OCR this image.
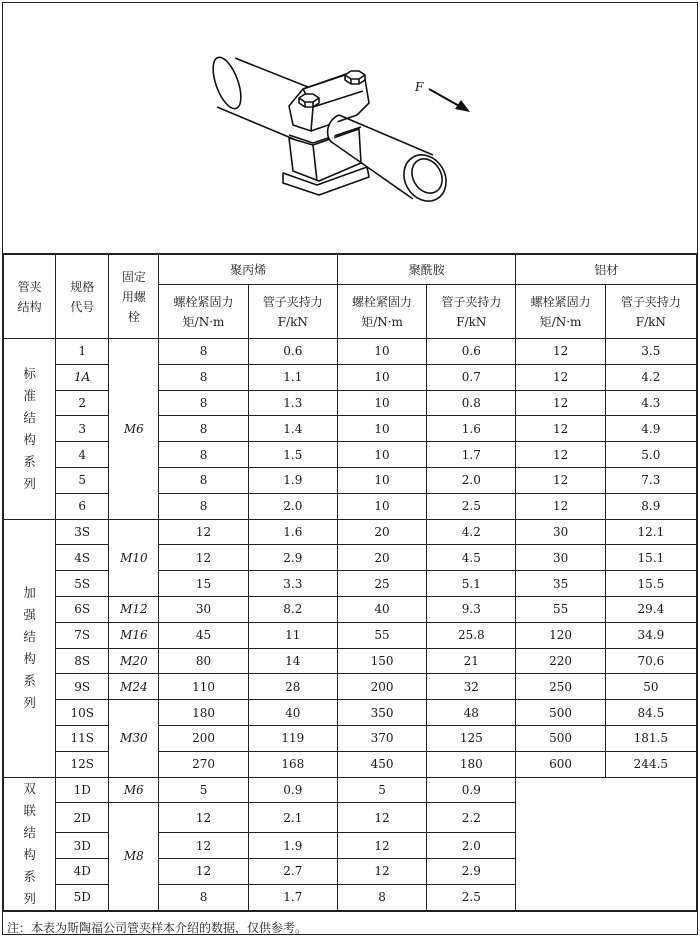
F
管夹结构	规格代号	固定用螺栓	聚丙烯		聚酰胺		铝材	
			螺栓紧固力矩/N·m	管子夹持力F/kN	螺栓紧固力矩/N·m	管子夹持力F/kN	螺栓紧固力矩/N·m	管子夹持力F/kN
标准结构系列	1	M6	8	0.6	10	0.6	12	3.5
	1A		8	1.1	10	0.7	12	4.2
	2		8	1.3	10	0.8	12	4.3
	3		8	1.4	10	1.6	12	4.9
	4		8	1.5	10	1.7	12	5.0
	5		8	1.9	10	2.0	12	7.3
	6		8	2.0	10	2.5	12	8.9
加强结构系列	3S	M10	12	1.6	20	4.2	30	12.1
	4S		12	2.9	20	4.5	30	15.1
	5S		15	3.3	25	5.1	35	15.5
	6S	M12	30	8.2	40	9.3	55	29.4
	7S	M16	45	11	55	25.8	120	34.9
	8S	M20	80	14	150	21	220	70.6
	9S	M24	110	28	200	32	250	50
	10S	M30	180	40	350	48	500	84.5
	11S		200	119	370	125	500	181.5
	12S		270	168	450	180	600	244.5
双联结构系列	1D	M6	5	0.9	5	0.9		
	2D	M8	12	2.1	12	2.2		
	3D		12	1.9	12	2.0		
	4D		12	2.7	12	2.9		
	5D		8	1.7	8	2.5		
注：本表为斯陶福公司管夹样本介绍的数据，仅供参考。
